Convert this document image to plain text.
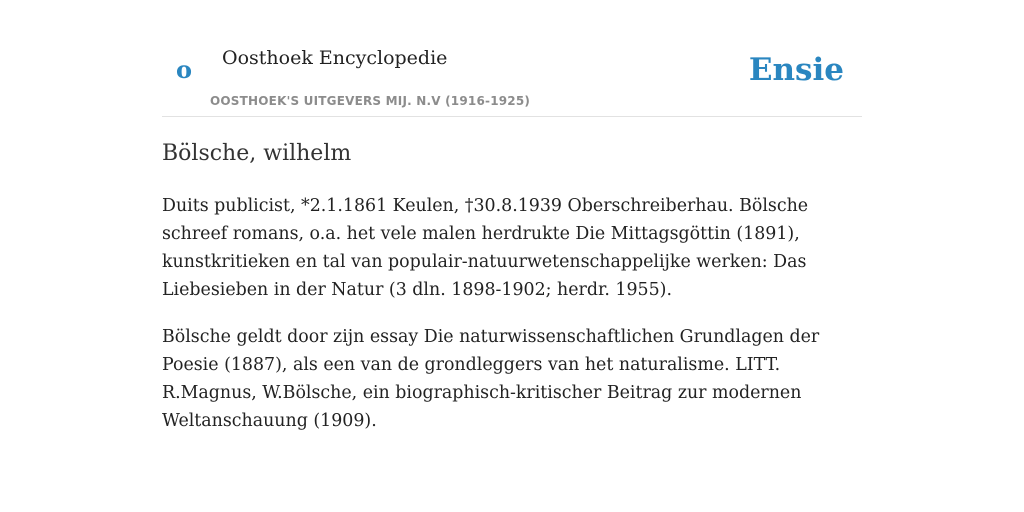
o Oosthoek Encyclopedie
OOSTHOEK'S UITGEVERS MIJ. N.V (1916-1925)
Ensie
Bölsche, wilhelm

Duits publicist, *2.1.1861 Keulen, †30.8.1939 Oberschreiberhau. Bölsche schreef romans, o.a. het vele malen herdrukte Die Mittagsgöttin (1891), kunstkritieken en tal van populair-natuurwetenschappelijke werken: Das Liebesieben in der Natur (3 dln. 1898-1902; herdr. 1955).

Bölsche geldt door zijn essay Die naturwissenschaftlichen Grundlagen der Poesie (1887), als een van de grondleggers van het naturalisme. LITT. R.Magnus, W.Bölsche, ein biographisch-kritischer Beitrag zur modernen Weltanschauung (1909).
